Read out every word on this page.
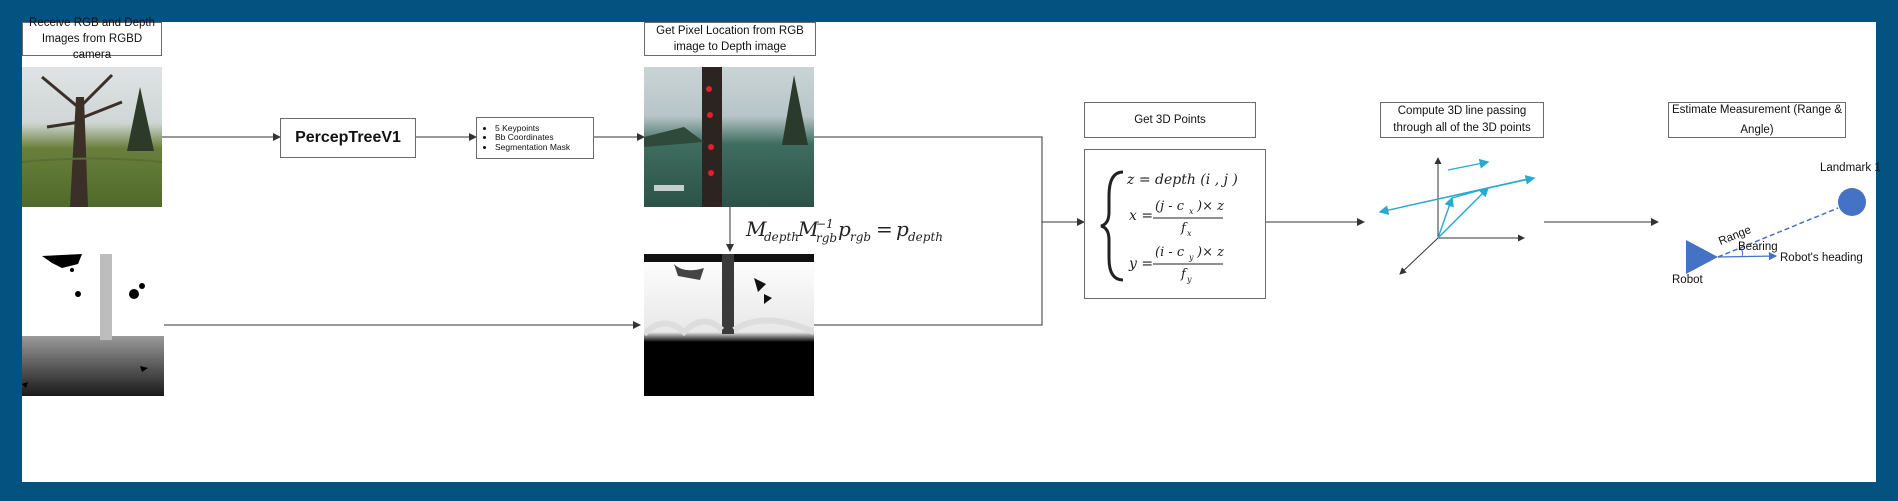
Receive RGB and Depth Images from RGBD camera
PercepTreeV1
• 5 Keypoints
• Bb Coordinates
• Segmentation Mask
Get Pixel Location from RGB image to Depth image
M
depth
M
−1
rgb p rgb = p depth
Get 3D Points
z = depth (i , j )
x =
(j - c x )× z
f x
y =
(i - c y )× z
f y
Compute 3D line passing through all of the 3D points
Estimate Measurement (Range & Angle)
Landmark 1
Range
Bearing
Robot's heading
Robot
